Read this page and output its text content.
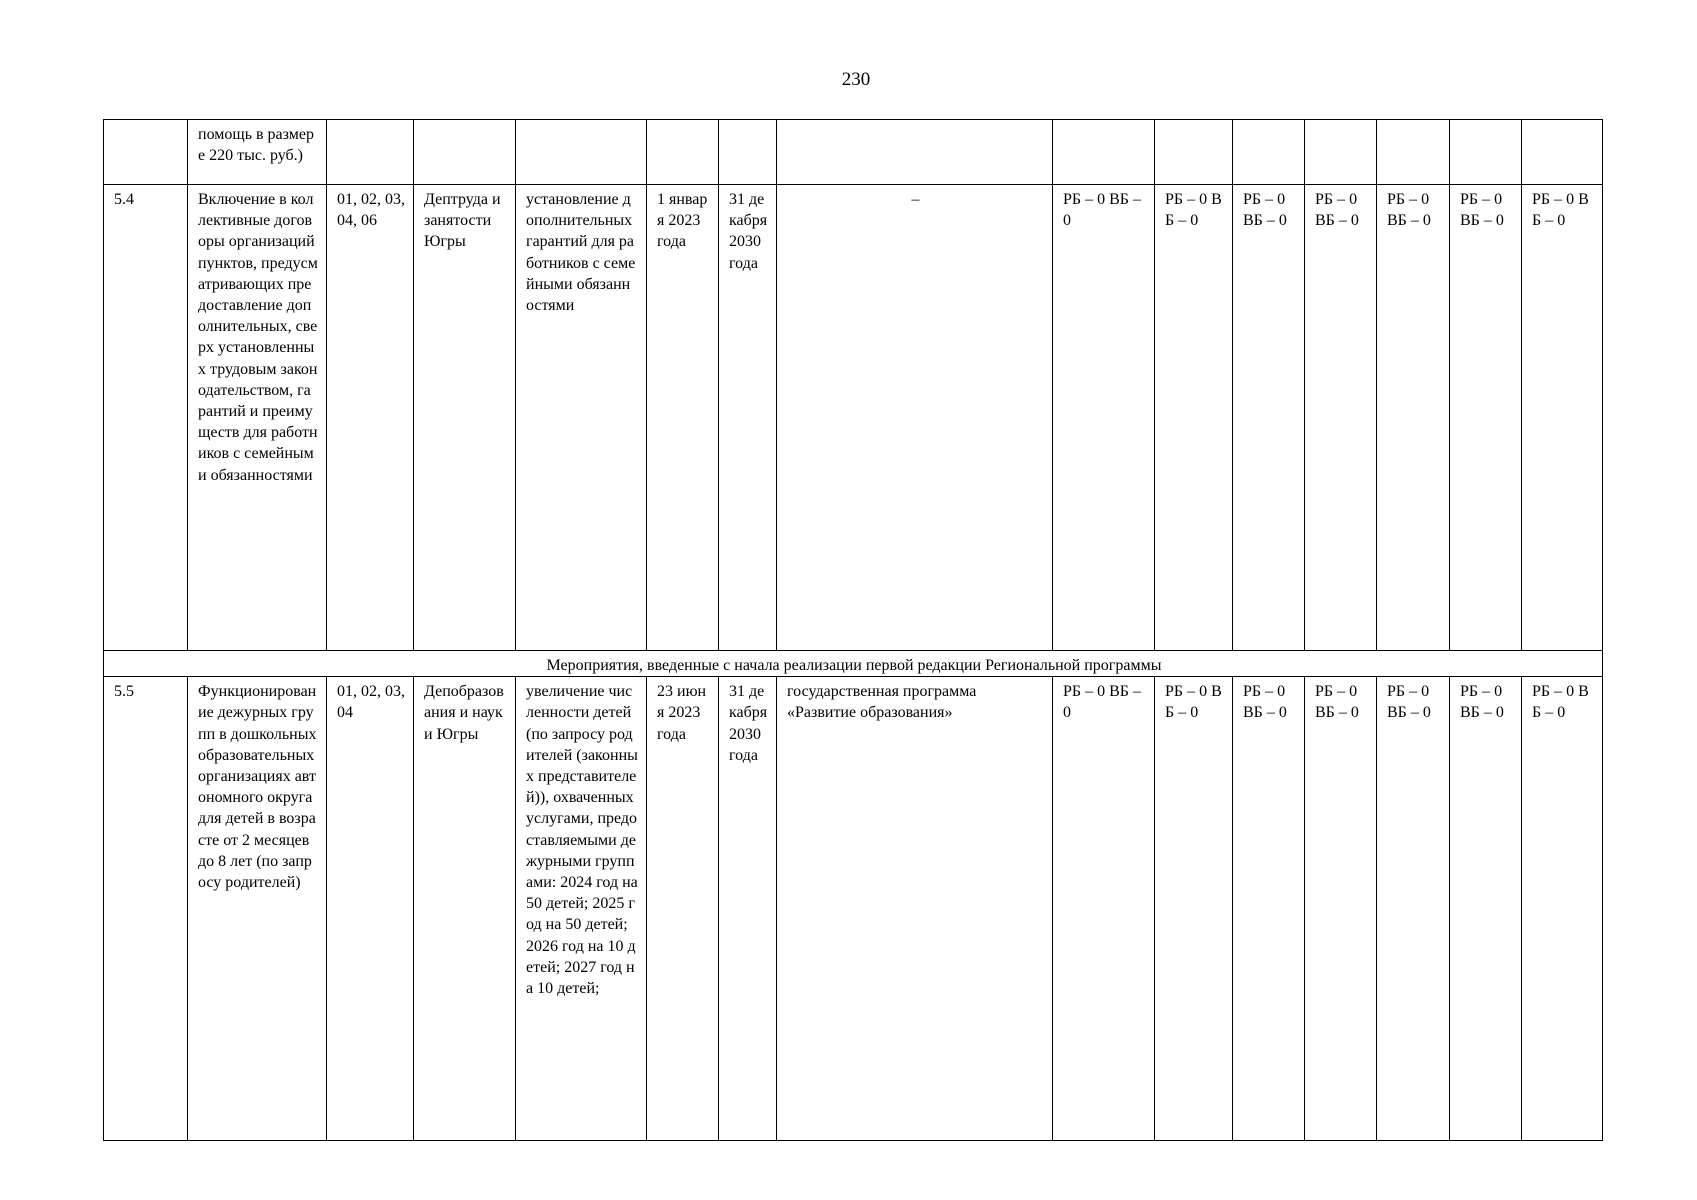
230
	помощь в размере 220 тыс. руб.)													
5.4	Включение в коллективные договоры организаций пунктов, предусматривающих предоставление дополнительных, сверх установленных трудовым законодательством, гарантий и преимуществ для работников с семейными обязанностями	01, 02, 03, 04, 06	Дептруда и занятости Югры	установление дополнительных гарантий для работников с семейными обязанностями	1 января 2023 года	31 декабря 2030 года	–	РБ – 0 ВБ – 0	РБ – 0 ВБ – 0	РБ – 0 ВБ – 0	РБ – 0 ВБ – 0	РБ – 0 ВБ – 0	РБ – 0 ВБ – 0	РБ – 0 ВБ – 0
Мероприятия, введенные с начала реализации первой редакции Региональной программы														
5.5	Функционирование дежурных групп в дошкольных образовательных организациях автономного округа для детей в возрасте от 2 месяцев до 8 лет (по запросу родителей)	01, 02, 03, 04	Депобразования и науки Югры	увеличение численности детей (по запросу родителей (законных представителей)), охваченных услугами, предоставляемыми дежурными группами: 2024 год на 50 детей; 2025 год на 50 детей; 2026 год на 10 детей; 2027 год на 10 детей;	23 июня 2023 года	31 декабря 2030 года	государственная программа «Развитие образования»	РБ – 0 ВБ – 0	РБ – 0 ВБ – 0	РБ – 0 ВБ – 0	РБ – 0 ВБ – 0	РБ – 0 ВБ – 0	РБ – 0 ВБ – 0	РБ – 0 ВБ – 0
